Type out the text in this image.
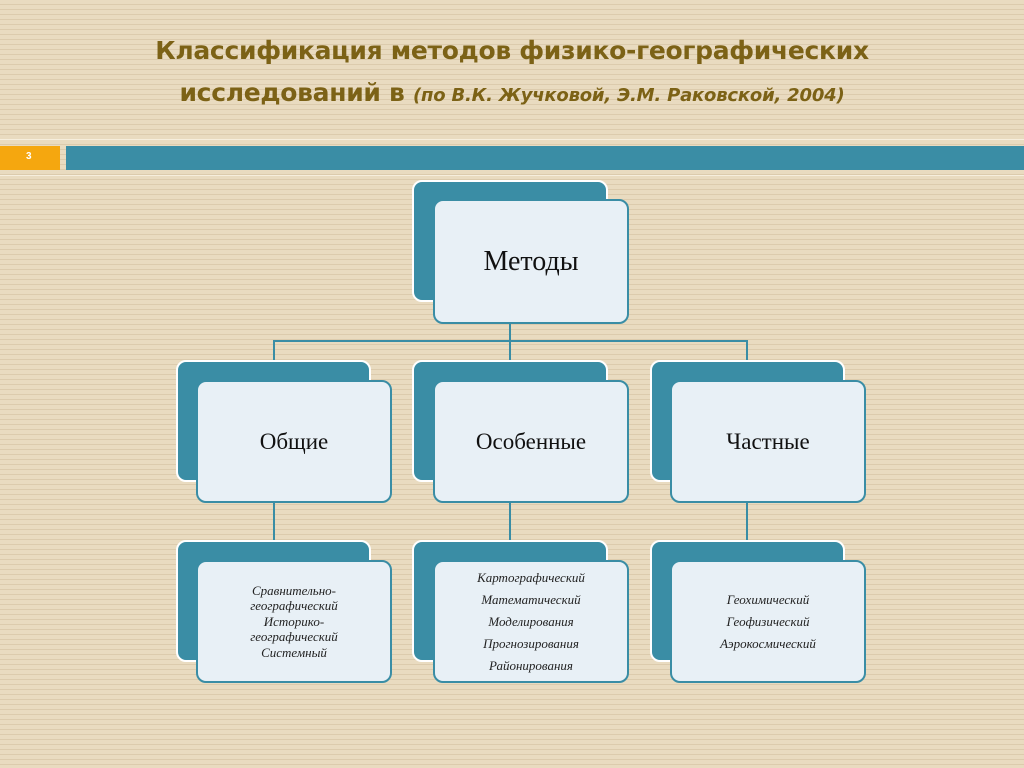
Классификация методов физико-географических
исследований в (по В.К. Жучковой, Э.М. Раковской, 2004)
3
Методы
Общие	Особенные	Частные
Сравнительно-
географический
Историко-
географический
Системный
Картографический
Математический
Моделирования
Прогнозирования
Районирования
Геохимический
Геофизический
Аэрокосмический
